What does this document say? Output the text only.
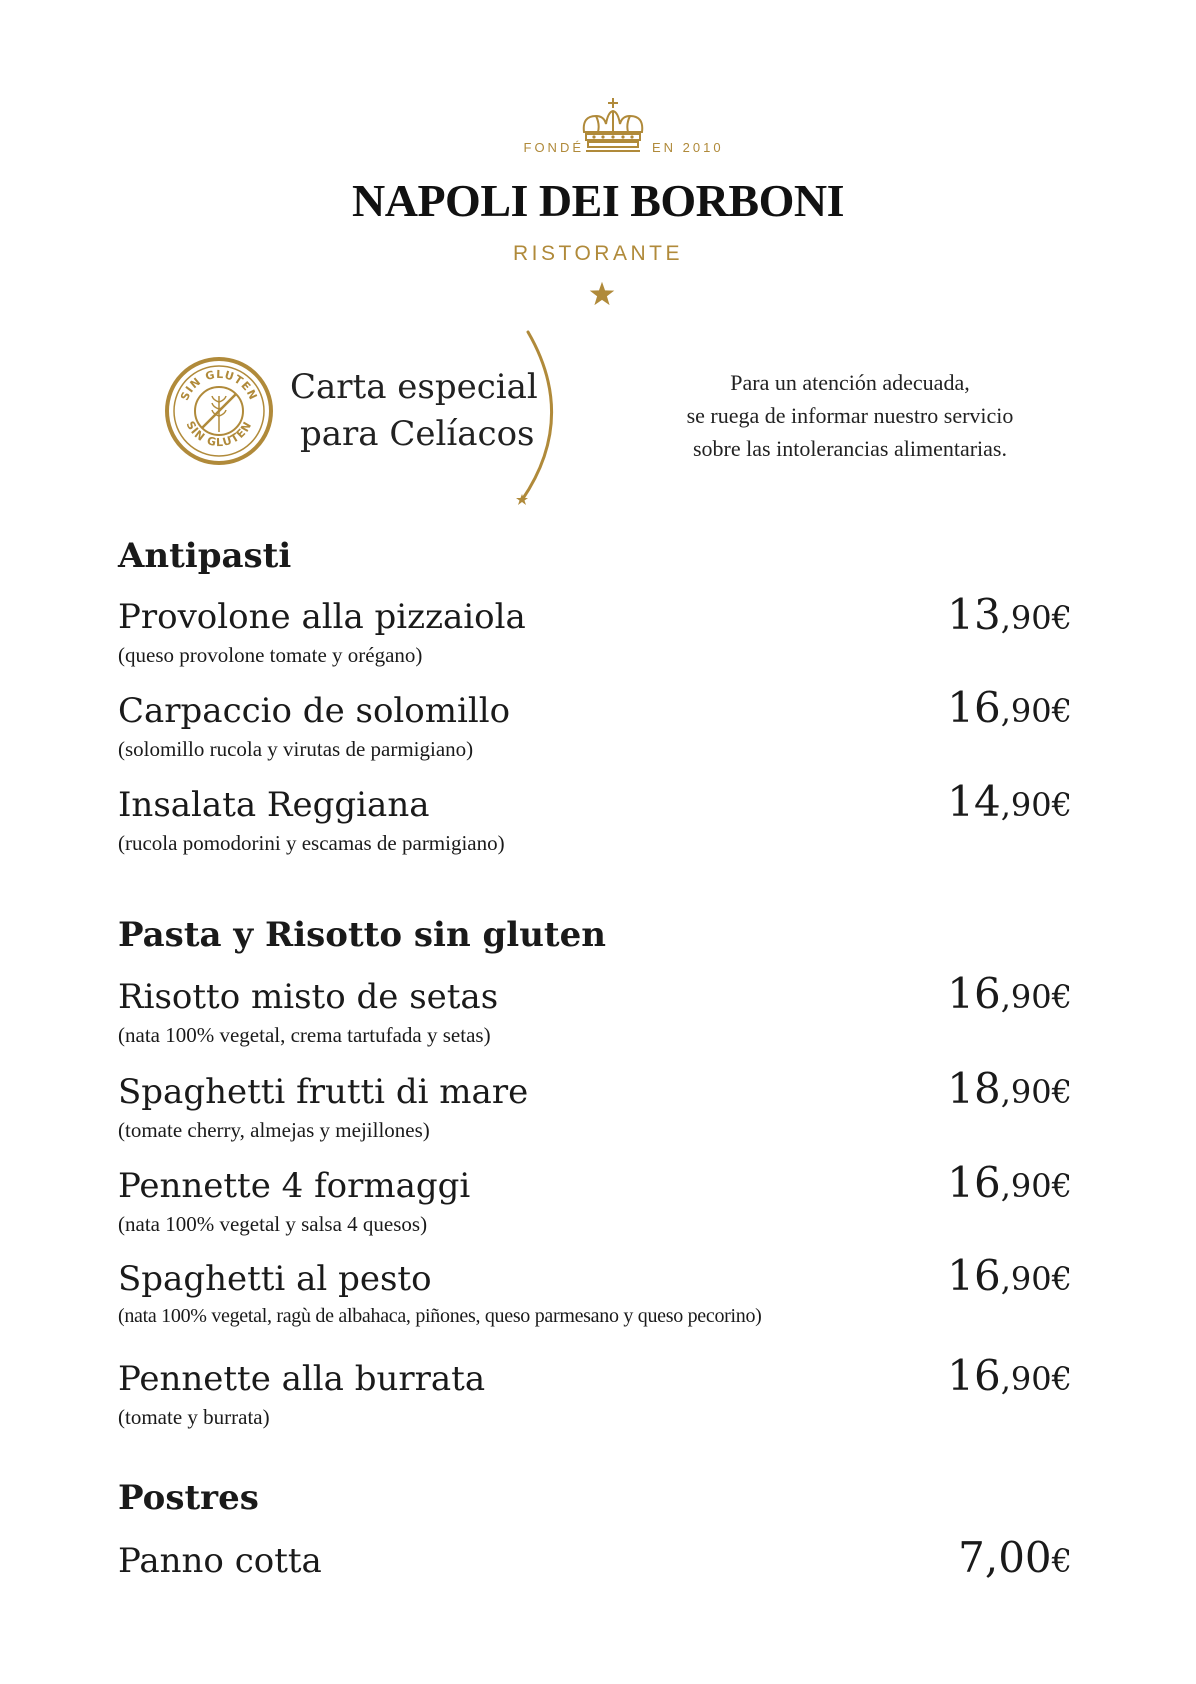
FONDÉ	EN 2010
NAPOLI DEI BORBONI
RISTORANTE
SIN GLUTEN
SIN GLUTEN
Carta especial
para Celíacos
Para un atención adecuada,
se ruega de informar nuestro servicio
sobre las intolerancias alimentarias.
Antipasti
Provolone alla pizzaiola
(queso provolone tomate y orégano)
13,90€
Carpaccio de solomillo
(solomillo rucola y virutas de parmigiano)
16,90€
Insalata Reggiana
(rucola pomodorini y escamas de parmigiano)
14,90€
Pasta y Risotto sin gluten
Risotto misto de setas
(nata 100% vegetal, crema tartufada y setas)
16,90€
Spaghetti frutti di mare
(tomate cherry, almejas y mejillones)
18,90€
Pennette 4 formaggi
(nata 100% vegetal y salsa 4 quesos)
16,90€
Spaghetti al pesto
(nata 100% vegetal, ragù de albahaca, piñones, queso parmesano y queso pecorino)
16,90€
Pennette alla burrata
(tomate y burrata)
16,90€
Postres
Panno cotta	7,00€
